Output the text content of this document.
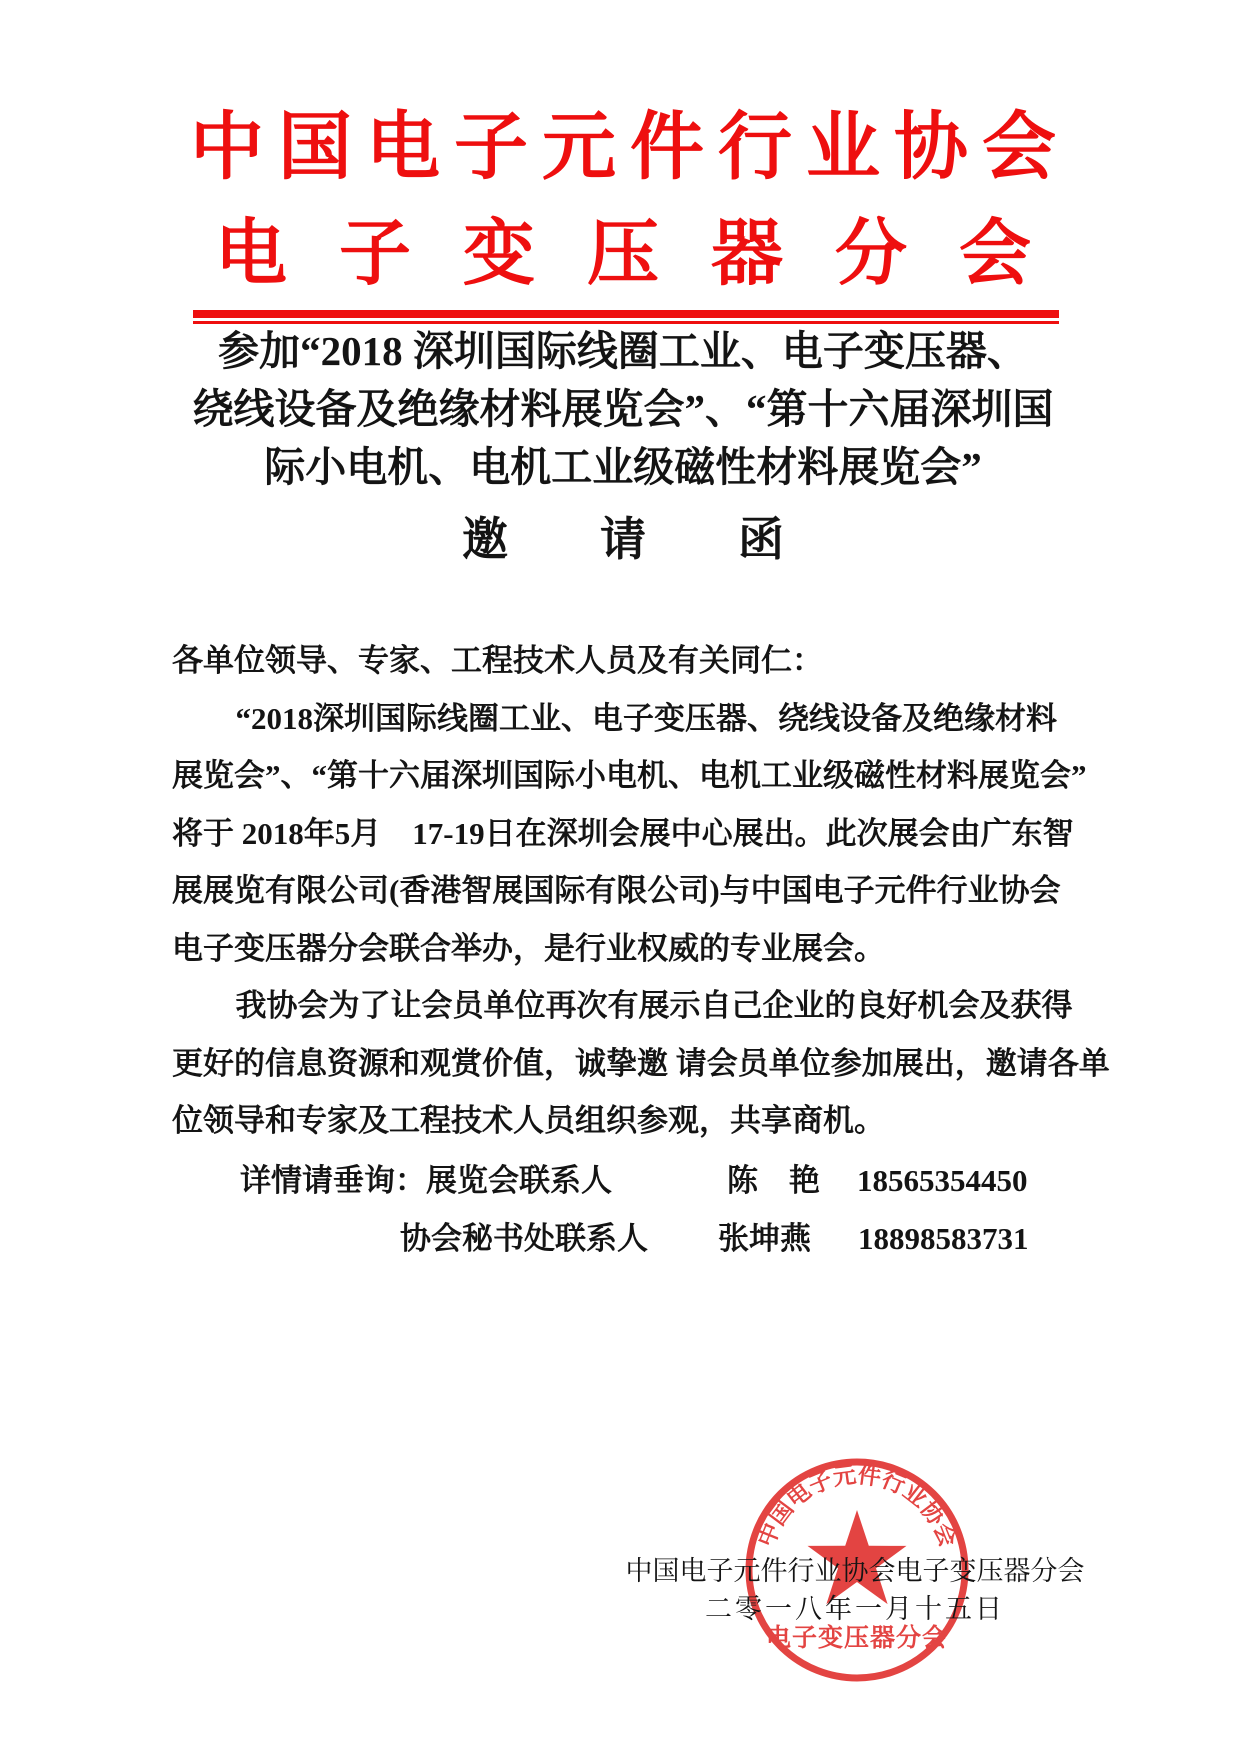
中国电子元件行业协会
电子变压器分会
参加“2018 深圳国际线圈工业、电子变压器、
绕线设备及绝缘材料展览会”、“第十六届深圳国
际小电机、电机工业级磁性材料展览会”
邀　　请　　函
各单位领导、专家、工程技术人员及有关同仁：
“2018深圳国际线圈工业、电子变压器、绕线设备及绝缘材料
展览会”、“第十六届深圳国际小电机、电机工业级磁性材料展览会”
将于 2018年5月　17-19日在深圳会展中心展出。此次展会由广东智
展展览有限公司(香港智展国际有限公司)与中国电子元件行业协会
电子变压器分会联合举办，是行业权威的专业展会。
我协会为了让会员单位再次有展示自己企业的良好机会及获得
更好的信息资源和观赏价值，诚挚邀 请会员单位参加展出，邀请各单
位领导和专家及工程技术人员组织参观，共享商机。
详情请垂询：展览会联系人	陈　艳 18565354450
协会秘书处联系人 张坤燕 18898583731
中国电子元件行业协会
电子变压器分会
中国电子元件行业协会电子变压器分会
二零一八年一月十五日
